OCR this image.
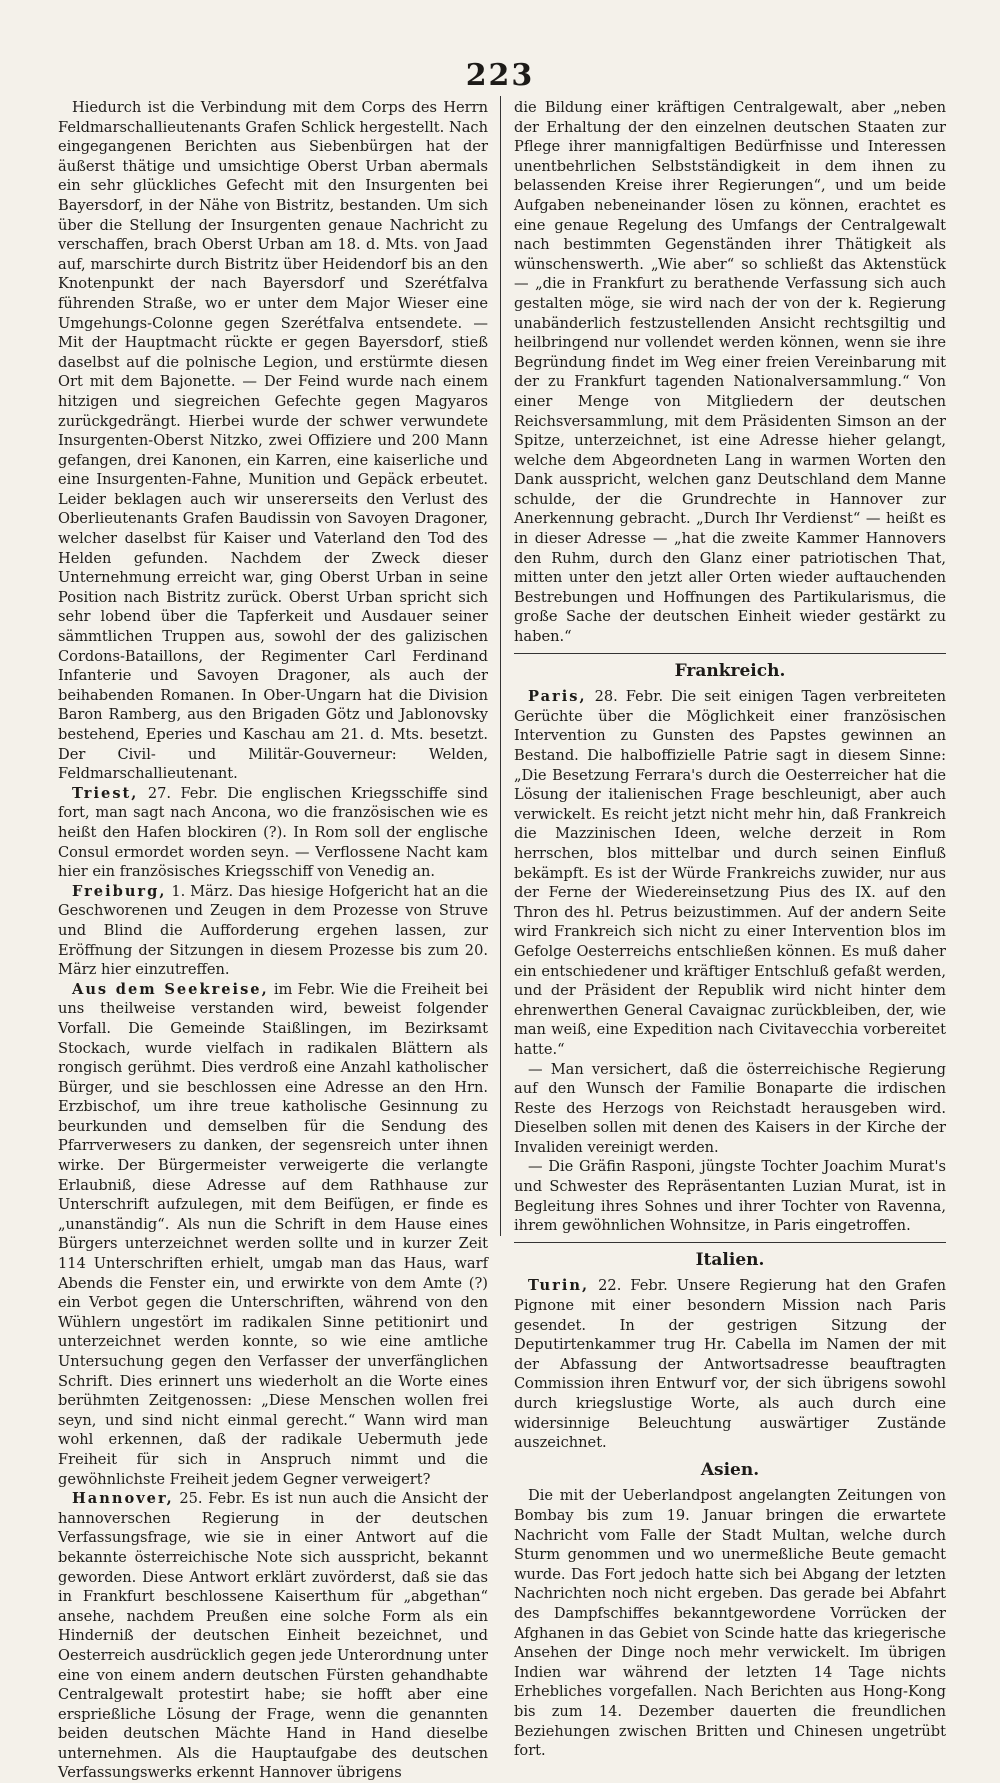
223

Hiedurch ist die Verbindung mit dem Corps des Herrn Feldmarschallieutenants Grafen Schlick hergestellt. Nach eingegangenen Berichten aus Siebenbürgen hat der äußerst thätige und umsichtige Oberst Urban abermals ein sehr glückliches Gefecht mit den Insurgenten bei Bayersdorf, in der Nähe von Bistritz, bestanden. Um sich über die Stellung der Insurgenten genaue Nachricht zu verschaffen, brach Oberst Urban am 18. d. Mts. von Jaad auf, marschirte durch Bistritz über Heidendorf bis an den Knotenpunkt der nach Bayersdorf und Szerétfalva führenden Straße, wo er unter dem Major Wieser eine Umgehungs-Colonne gegen Szerétfalva entsendete. — Mit der Hauptmacht rückte er gegen Bayersdorf, stieß daselbst auf die polnische Legion, und erstürmte diesen Ort mit dem Bajonette. — Der Feind wurde nach einem hitzigen und siegreichen Gefechte gegen Magyaros zurückgedrängt. Hierbei wurde der schwer verwundete Insurgenten-Oberst Nitzko, zwei Offiziere und 200 Mann gefangen, drei Kanonen, ein Karren, eine kaiserliche und eine Insurgenten-Fahne, Munition und Gepäck erbeutet. Leider beklagen auch wir unsererseits den Verlust des Oberlieutenants Grafen Baudissin von Savoyen Dragoner, welcher daselbst für Kaiser und Vaterland den Tod des Helden gefunden. Nachdem der Zweck dieser Unternehmung erreicht war, ging Oberst Urban in seine Position nach Bistritz zurück. Oberst Urban spricht sich sehr lobend über die Tapferkeit und Ausdauer seiner sämmtlichen Truppen aus, sowohl der des galizischen Cordons-Bataillons, der Regimenter Carl Ferdinand Infanterie und Savoyen Dragoner, als auch der beihabenden Romanen. In Ober-Ungarn hat die Division Baron Ramberg, aus den Brigaden Götz und Jablonovsky bestehend, Eperies und Kaschau am 21. d. Mts. besetzt. Der Civil- und Militär-Gouverneur: Welden, Feldmarschallieutenant.

Triest, 27. Febr. Die englischen Kriegsschiffe sind fort, man sagt nach Ancona, wo die französischen wie es heißt den Hafen blockiren (?). In Rom soll der englische Consul ermordet worden seyn. — Verflossene Nacht kam hier ein französisches Kriegsschiff von Venedig an.

Freiburg, 1. März. Das hiesige Hofgericht hat an die Geschworenen und Zeugen in dem Prozesse von Struve und Blind die Aufforderung ergehen lassen, zur Eröffnung der Sitzungen in diesem Prozesse bis zum 20. März hier einzutreffen.

Aus dem Seekreise, im Febr. Wie die Freiheit bei uns theilweise verstanden wird, beweist folgender Vorfall. Die Gemeinde Staißlingen, im Bezirksamt Stockach, wurde vielfach in radikalen Blättern als rongisch gerühmt. Dies verdroß eine Anzahl katholischer Bürger, und sie beschlossen eine Adresse an den Hrn. Erzbischof, um ihre treue katholische Gesinnung zu beurkunden und demselben für die Sendung des Pfarrverwesers zu danken, der segensreich unter ihnen wirke. Der Bürgermeister verweigerte die verlangte Erlaubniß, diese Adresse auf dem Rathhause zur Unterschrift aufzulegen, mit dem Beifügen, er finde es „unanständig“. Als nun die Schrift in dem Hause eines Bürgers unterzeichnet werden sollte und in kurzer Zeit 114 Unterschriften erhielt, umgab man das Haus, warf Abends die Fenster ein, und erwirkte von dem Amte (?) ein Verbot gegen die Unterschriften, während von den Wühlern ungestört im radikalen Sinne petitionirt und unterzeichnet werden konnte, so wie eine amtliche Untersuchung gegen den Verfasser der unverfänglichen Schrift. Dies erinnert uns wiederholt an die Worte eines berühmten Zeitgenossen: „Diese Menschen wollen frei seyn, und sind nicht einmal gerecht.“ Wann wird man wohl erkennen, daß der radikale Uebermuth jede Freiheit für sich in Anspruch nimmt und die gewöhnlichste Freiheit jedem Gegner verweigert?

Hannover, 25. Febr. Es ist nun auch die Ansicht der hannoverschen Regierung in der deutschen Verfassungsfrage, wie sie in einer Antwort auf die bekannte österreichische Note sich ausspricht, bekannt geworden. Diese Antwort erklärt zuvörderst, daß sie das in Frankfurt beschlossene Kaiserthum für „abgethan“ ansehe, nachdem Preußen eine solche Form als ein Hinderniß der deutschen Einheit bezeichnet, und Oesterreich ausdrücklich gegen jede Unterordnung unter eine von einem andern deutschen Fürsten gehandhabte Centralgewalt protestirt habe; sie hofft aber eine ersprießliche Lösung der Frage, wenn die genannten beiden deutschen Mächte Hand in Hand dieselbe unternehmen. Als die Hauptaufgabe des deutschen Verfassungswerks erkennt Hannover übrigens

die Bildung einer kräftigen Centralgewalt, aber „neben der Erhaltung der den einzelnen deutschen Staaten zur Pflege ihrer mannigfaltigen Bedürfnisse und Interessen unentbehrlichen Selbstständigkeit in dem ihnen zu belassenden Kreise ihrer Regierungen“, und um beide Aufgaben nebeneinander lösen zu können, erachtet es eine genaue Regelung des Umfangs der Centralgewalt nach bestimmten Gegenständen ihrer Thätigkeit als wünschenswerth. „Wie aber“ so schließt das Aktenstück — „die in Frankfurt zu berathende Verfassung sich auch gestalten möge, sie wird nach der von der k. Regierung unabänderlich festzustellenden Ansicht rechtsgiltig und heilbringend nur vollendet werden können, wenn sie ihre Begründung findet im Weg einer freien Vereinbarung mit der zu Frankfurt tagenden Nationalversammlung.“ Von einer Menge von Mitgliedern der deutschen Reichsversammlung, mit dem Präsidenten Simson an der Spitze, unterzeichnet, ist eine Adresse hieher gelangt, welche dem Abgeordneten Lang in warmen Worten den Dank ausspricht, welchen ganz Deutschland dem Manne schulde, der die Grundrechte in Hannover zur Anerkennung gebracht. „Durch Ihr Verdienst“ — heißt es in dieser Adresse — „hat die zweite Kammer Hannovers den Ruhm, durch den Glanz einer patriotischen That, mitten unter den jetzt aller Orten wieder auftauchenden Bestrebungen und Hoffnungen des Partikularismus, die große Sache der deutschen Einheit wieder gestärkt zu haben.“

Frankreich.

Paris, 28. Febr. Die seit einigen Tagen verbreiteten Gerüchte über die Möglichkeit einer französischen Intervention zu Gunsten des Papstes gewinnen an Bestand. Die halboffizielle Patrie sagt in diesem Sinne: „Die Besetzung Ferrara's durch die Oesterreicher hat die Lösung der italienischen Frage beschleunigt, aber auch verwickelt. Es reicht jetzt nicht mehr hin, daß Frankreich die Mazzinischen Ideen, welche derzeit in Rom herrschen, blos mittelbar und durch seinen Einfluß bekämpft. Es ist der Würde Frankreichs zuwider, nur aus der Ferne der Wiedereinsetzung Pius des IX. auf den Thron des hl. Petrus beizustimmen. Auf der andern Seite wird Frankreich sich nicht zu einer Intervention blos im Gefolge Oesterreichs entschließen können. Es muß daher ein entschiedener und kräftiger Entschluß gefaßt werden, und der Präsident der Republik wird nicht hinter dem ehrenwerthen General Cavaignac zurückbleiben, der, wie man weiß, eine Expedition nach Civitavecchia vorbereitet hatte.“

— Man versichert, daß die österreichische Regierung auf den Wunsch der Familie Bonaparte die irdischen Reste des Herzogs von Reichstadt herausgeben wird. Dieselben sollen mit denen des Kaisers in der Kirche der Invaliden vereinigt werden.

— Die Gräfin Rasponi, jüngste Tochter Joachim Murat's und Schwester des Repräsentanten Luzian Murat, ist in Begleitung ihres Sohnes und ihrer Tochter von Ravenna, ihrem gewöhnlichen Wohnsitze, in Paris eingetroffen.

Italien.

Turin, 22. Febr. Unsere Regierung hat den Grafen Pignone mit einer besondern Mission nach Paris gesendet. In der gestrigen Sitzung der Deputirtenkammer trug Hr. Cabella im Namen der mit der Abfassung der Antwortsadresse beauftragten Commission ihren Entwurf vor, der sich übrigens sowohl durch kriegslustige Worte, als auch durch eine widersinnige Beleuchtung auswärtiger Zustände auszeichnet.

Asien.

Die mit der Ueberlandpost angelangten Zeitungen von Bombay bis zum 19. Januar bringen die erwartete Nachricht vom Falle der Stadt Multan, welche durch Sturm genommen und wo unermeßliche Beute gemacht wurde. Das Fort jedoch hatte sich bei Abgang der letzten Nachrichten noch nicht ergeben. Das gerade bei Abfahrt des Dampfschiffes bekanntgewordene Vorrücken der Afghanen in das Gebiet von Scinde hatte das kriegerische Ansehen der Dinge noch mehr verwickelt. Im übrigen Indien war während der letzten 14 Tage nichts Erhebliches vorgefallen. Nach Berichten aus Hong-Kong bis zum 14. Dezember dauerten die freundlichen Beziehungen zwischen Britten und Chinesen ungetrübt fort.
